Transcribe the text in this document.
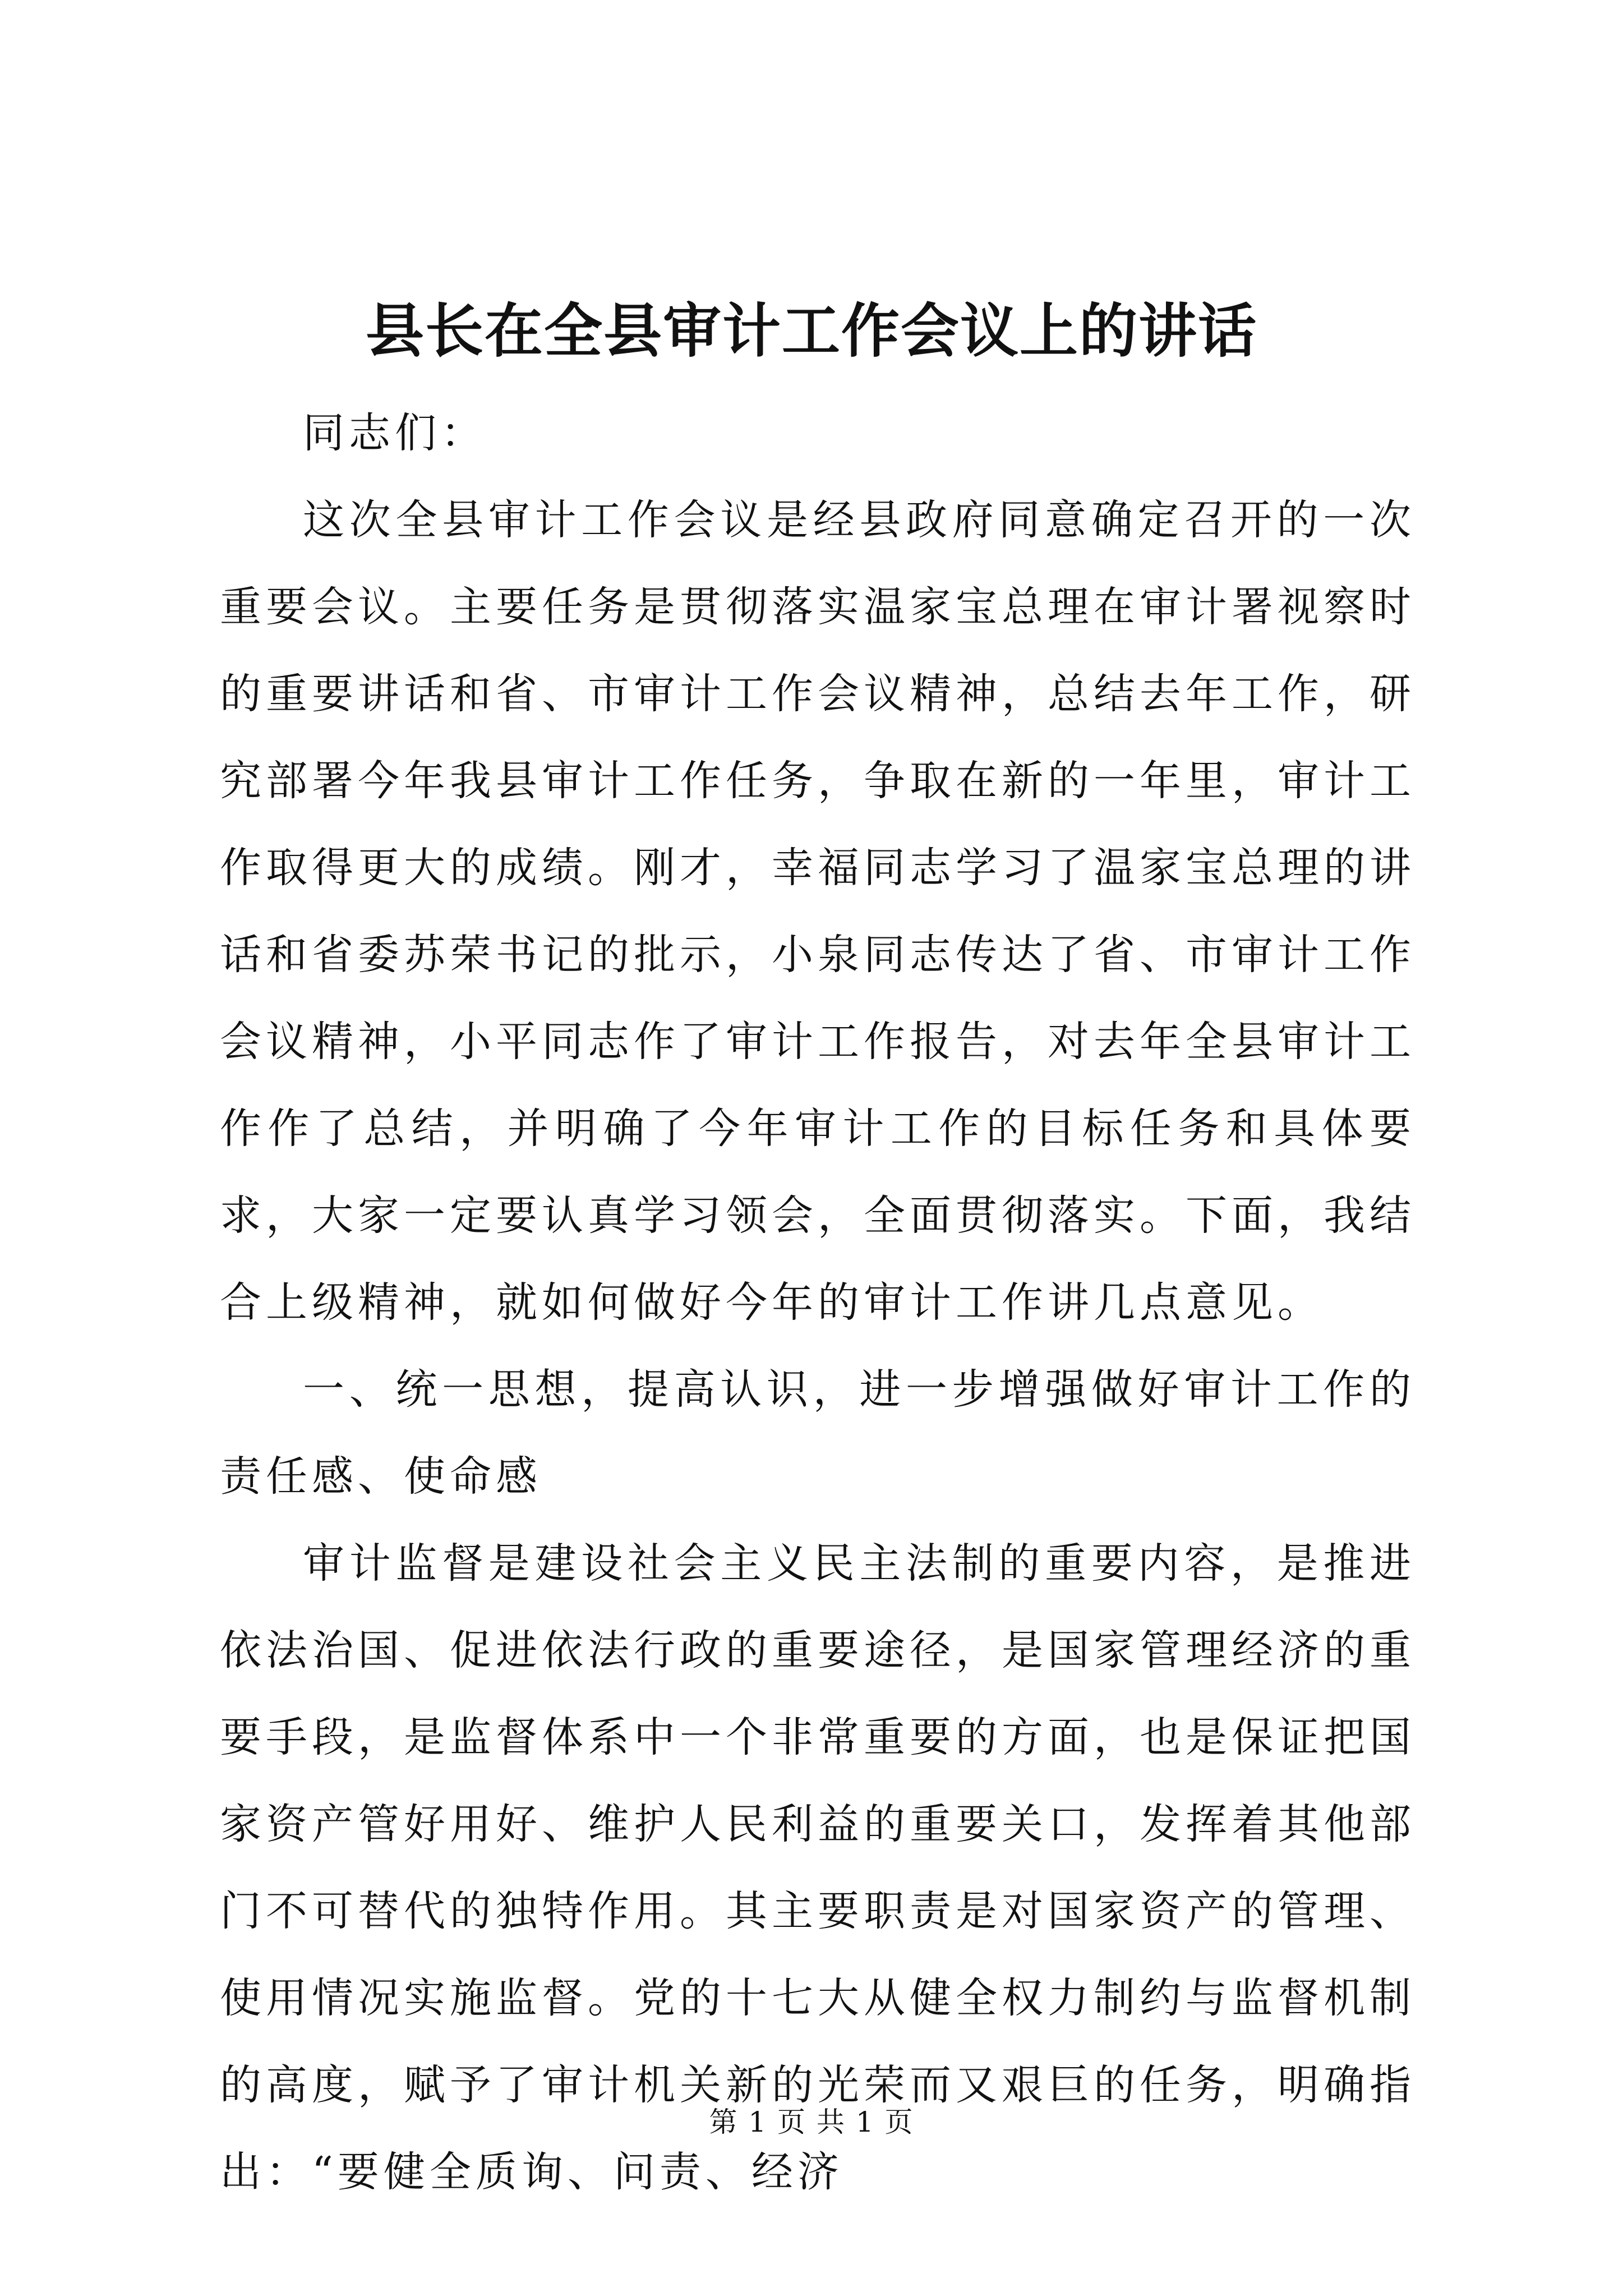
县长在全县审计工作会议上的讲话

同志们：

这次全县审计工作会议是经县政府同意确定召开的一次重要会议。主要任务是贯彻落实温家宝总理在审计署视察时的重要讲话和省、市审计工作会议精神，总结去年工作，研究部署今年我县审计工作任务，争取在新的一年里，审计工作取得更大的成绩。刚才，幸福同志学习了温家宝总理的讲话和省委苏荣书记的批示，小泉同志传达了省、市审计工作会议精神，小平同志作了审计工作报告，对去年全县审计工作作了总结，并明确了今年审计工作的目标任务和具体要求，大家一定要认真学习领会，全面贯彻落实。下面，我结合上级精神，就如何做好今年的审计工作讲几点意见。

一、统一思想，提高认识，进一步增强做好审计工作的责任感、使命感

审计监督是建设社会主义民主法制的重要内容，是推进依法治国、促进依法行政的重要途径，是国家管理经济的重要手段，是监督体系中一个非常重要的方面，也是保证把国家资产管好用好、维护人民利益的重要关口，发挥着其他部门不可替代的独特作用。其主要职责是对国家资产的管理、使用情况实施监督。党的十七大从健全权力制约与监督机制的高度，赋予了审计机关新的光荣而又艰巨的任务，明确指出：“要健全质询、问责、经济

第 1 页 共 1 页
